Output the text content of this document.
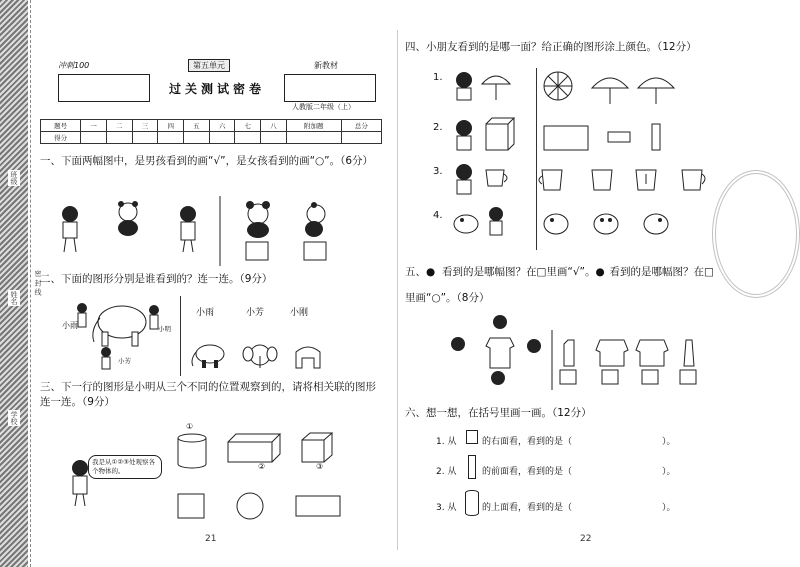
班级
姓名
学校
密 封 线
冲刺100	第五单元	新教材
过关测试密卷
人教版二年级（上）
题号	一	二	三	四	五	六	七	八	附加题	总分
得分										
一、下面两幅图中，是男孩看到的画“√”，是女孩看到的画“○”。（6分）
二、下面的图形分别是谁看到的？连一连。（9分）
小雨	小明
小芳
小雨	小芳	小刚
三、下一行的图形是小明从三个不同的位置观察到的，请将相关联的图形连一连。（9分）
①
②	③
我是从①②③处观察各个物体的。
21
四、小朋友看到的是哪一面？给正确的图形涂上颜色。（12分）
1.
2.
3.
4.
五、● 看到的是哪幅图？在□里画“√”。● 看到的是哪幅图？在□
里画“○”。（8分）
六、想一想，在括号里画一画。（12分）
1. 从	的右面看，看到的是（	）。
2. 从	的前面看，看到的是（	）。
3. 从	的上面看，看到的是（	）。
22
